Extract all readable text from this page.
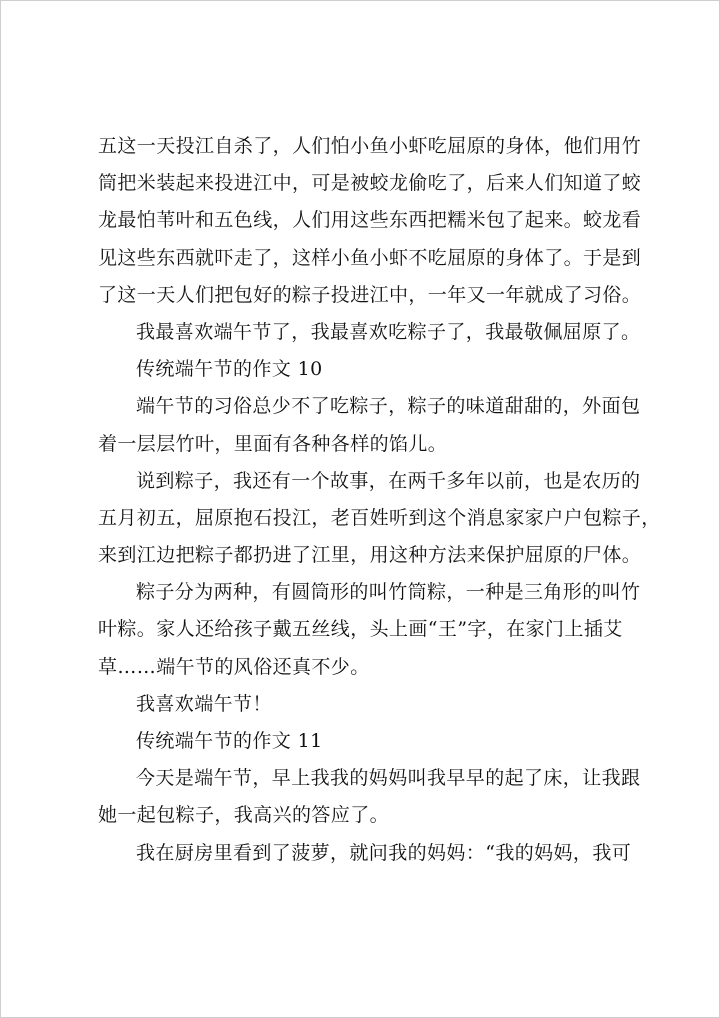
五这一天投江自杀了，人们怕小鱼小虾吃屈原的身体，他们用竹
筒把米装起来投进江中，可是被蛟龙偷吃了，后来人们知道了蛟
龙最怕苇叶和五色线，人们用这些东西把糯米包了起来。蛟龙看
见这些东西就吓走了，这样小鱼小虾不吃屈原的身体了。于是到
了这一天人们把包好的粽子投进江中，一年又一年就成了习俗。
我最喜欢端午节了，我最喜欢吃粽子了，我最敬佩屈原了。
传统端午节的作文 10
端午节的习俗总少不了吃粽子，粽子的味道甜甜的，外面包
着一层层竹叶，里面有各种各样的馅儿。
说到粽子，我还有一个故事，在两千多年以前，也是农历的
五月初五，屈原抱石投江，老百姓听到这个消息家家户户包粽子，
来到江边把粽子都扔进了江里，用这种方法来保护屈原的尸体。
粽子分为两种，有圆筒形的叫竹筒粽，一种是三角形的叫竹
叶粽。家人还给孩子戴五丝线，头上画“王”字，在家门上插艾
草……端午节的风俗还真不少。
我喜欢端午节！
传统端午节的作文 11
今天是端午节，早上我我的妈妈叫我早早的起了床，让我跟
她一起包粽子，我高兴的答应了。
我在厨房里看到了菠萝，就问我的妈妈：“我的妈妈，我可
